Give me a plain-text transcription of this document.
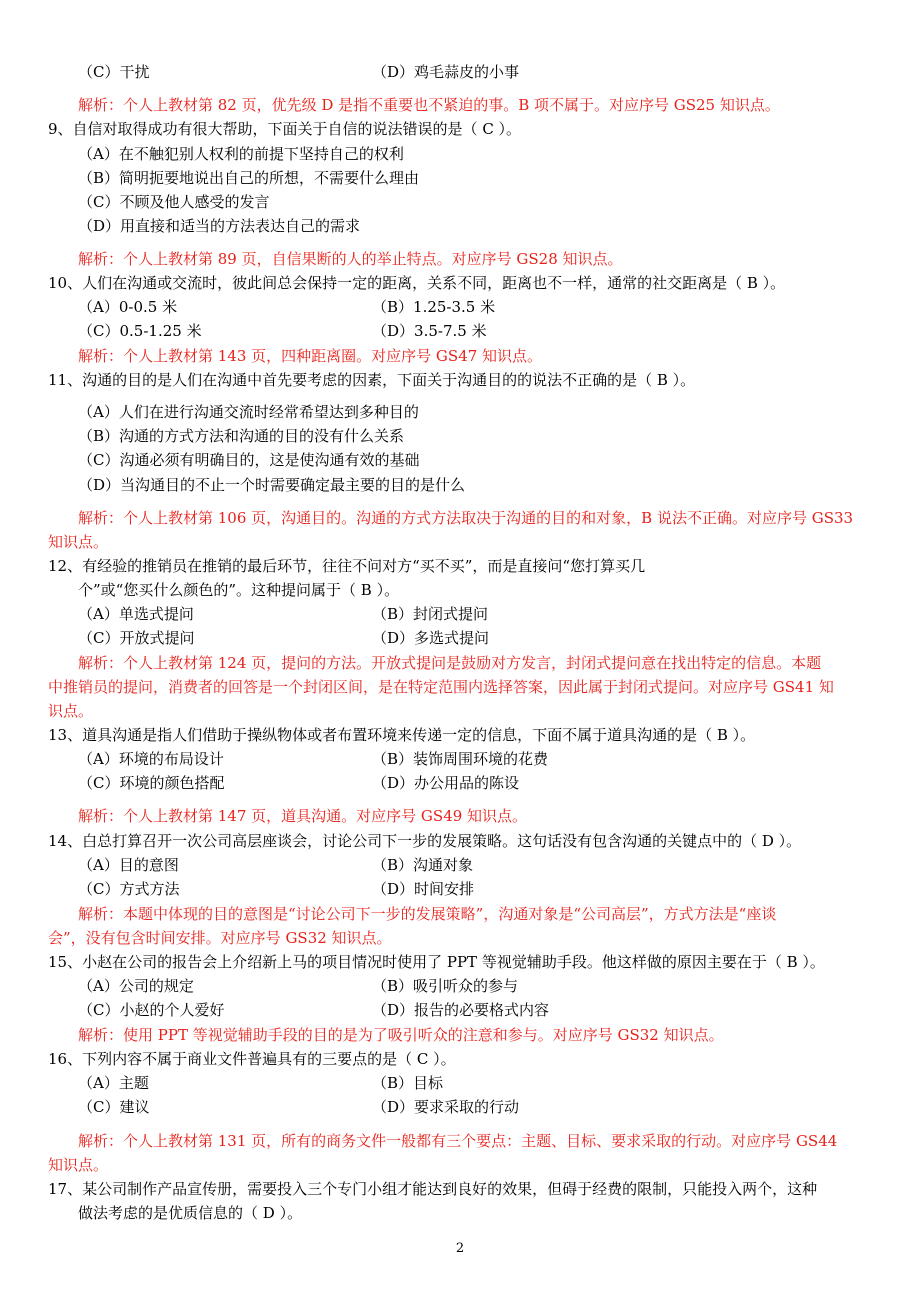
（C）干扰	（D）鸡毛蒜皮的小事
解析：个人上教材第 82 页，优先级 D 是指不重要也不紧迫的事。B 项不属于。对应序号 GS25 知识点。
9、自信对取得成功有很大帮助，下面关于自信的说法错误的是（ C ）。
（A）在不触犯别人权利的前提下坚持自己的权利
（B）简明扼要地说出自己的所想，不需要什么理由
（C）不顾及他人感受的发言
（D）用直接和适当的方法表达自己的需求
解析：个人上教材第 89 页，自信果断的人的举止特点。对应序号 GS28 知识点。
10、人们在沟通或交流时，彼此间总会保持一定的距离，关系不同，距离也不一样，通常的社交距离是（ B ）。
（A）0-0.5 米	（B）1.25-3.5 米
（C）0.5-1.25 米	（D）3.5-7.5 米
解析：个人上教材第 143 页，四种距离圈。对应序号 GS47 知识点。
11、沟通的目的是人们在沟通中首先要考虑的因素，下面关于沟通目的的说法不正确的是（ B ）。
（A）人们在进行沟通交流时经常希望达到多种目的
（B）沟通的方式方法和沟通的目的没有什么关系
（C）沟通必须有明确目的，这是使沟通有效的基础
（D）当沟通目的不止一个时需要确定最主要的目的是什么
解析：个人上教材第 106 页，沟通目的。沟通的方式方法取决于沟通的目的和对象，B 说法不正确。对应序号 GS33
知识点。
12、有经验的推销员在推销的最后环节，往往不问对方“买不买”，而是直接问“您打算买几
个”或“您买什么颜色的”。这种提问属于（ B ）。
（A）单选式提问	（B）封闭式提问
（C）开放式提问	（D）多选式提问
解析：个人上教材第 124 页，提问的方法。开放式提问是鼓励对方发言，封闭式提问意在找出特定的信息。本题
中推销员的提问，消费者的回答是一个封闭区间，是在特定范围内选择答案，因此属于封闭式提问。对应序号 GS41 知
识点。
13、道具沟通是指人们借助于操纵物体或者布置环境来传递一定的信息，下面不属于道具沟通的是（ B ）。
（A）环境的布局设计	（B）装饰周围环境的花费
（C）环境的颜色搭配	（D）办公用品的陈设
解析：个人上教材第 147 页，道具沟通。对应序号 GS49 知识点。
14、白总打算召开一次公司高层座谈会，讨论公司下一步的发展策略。这句话没有包含沟通的关键点中的（ D ）。
（A）目的意图	（B）沟通对象
（C）方式方法	（D）时间安排
解析：本题中体现的目的意图是“讨论公司下一步的发展策略”，沟通对象是“公司高层”，方式方法是“座谈
会”，没有包含时间安排。对应序号 GS32 知识点。
15、小赵在公司的报告会上介绍新上马的项目情况时使用了 PPT 等视觉辅助手段。他这样做的原因主要在于（ B ）。
（A）公司的规定	（B）吸引听众的参与
（C）小赵的个人爱好	（D）报告的必要格式内容
解析：使用 PPT 等视觉辅助手段的目的是为了吸引听众的注意和参与。对应序号 GS32 知识点。
16、下列内容不属于商业文件普遍具有的三要点的是（ C ）。
（A）主题	（B）目标
（C）建议	（D）要求采取的行动
解析：个人上教材第 131 页，所有的商务文件一般都有三个要点：主题、目标、要求采取的行动。对应序号 GS44
知识点。
17、某公司制作产品宣传册，需要投入三个专门小组才能达到良好的效果，但碍于经费的限制，只能投入两个，这种
做法考虑的是优质信息的（ D ）。
2
